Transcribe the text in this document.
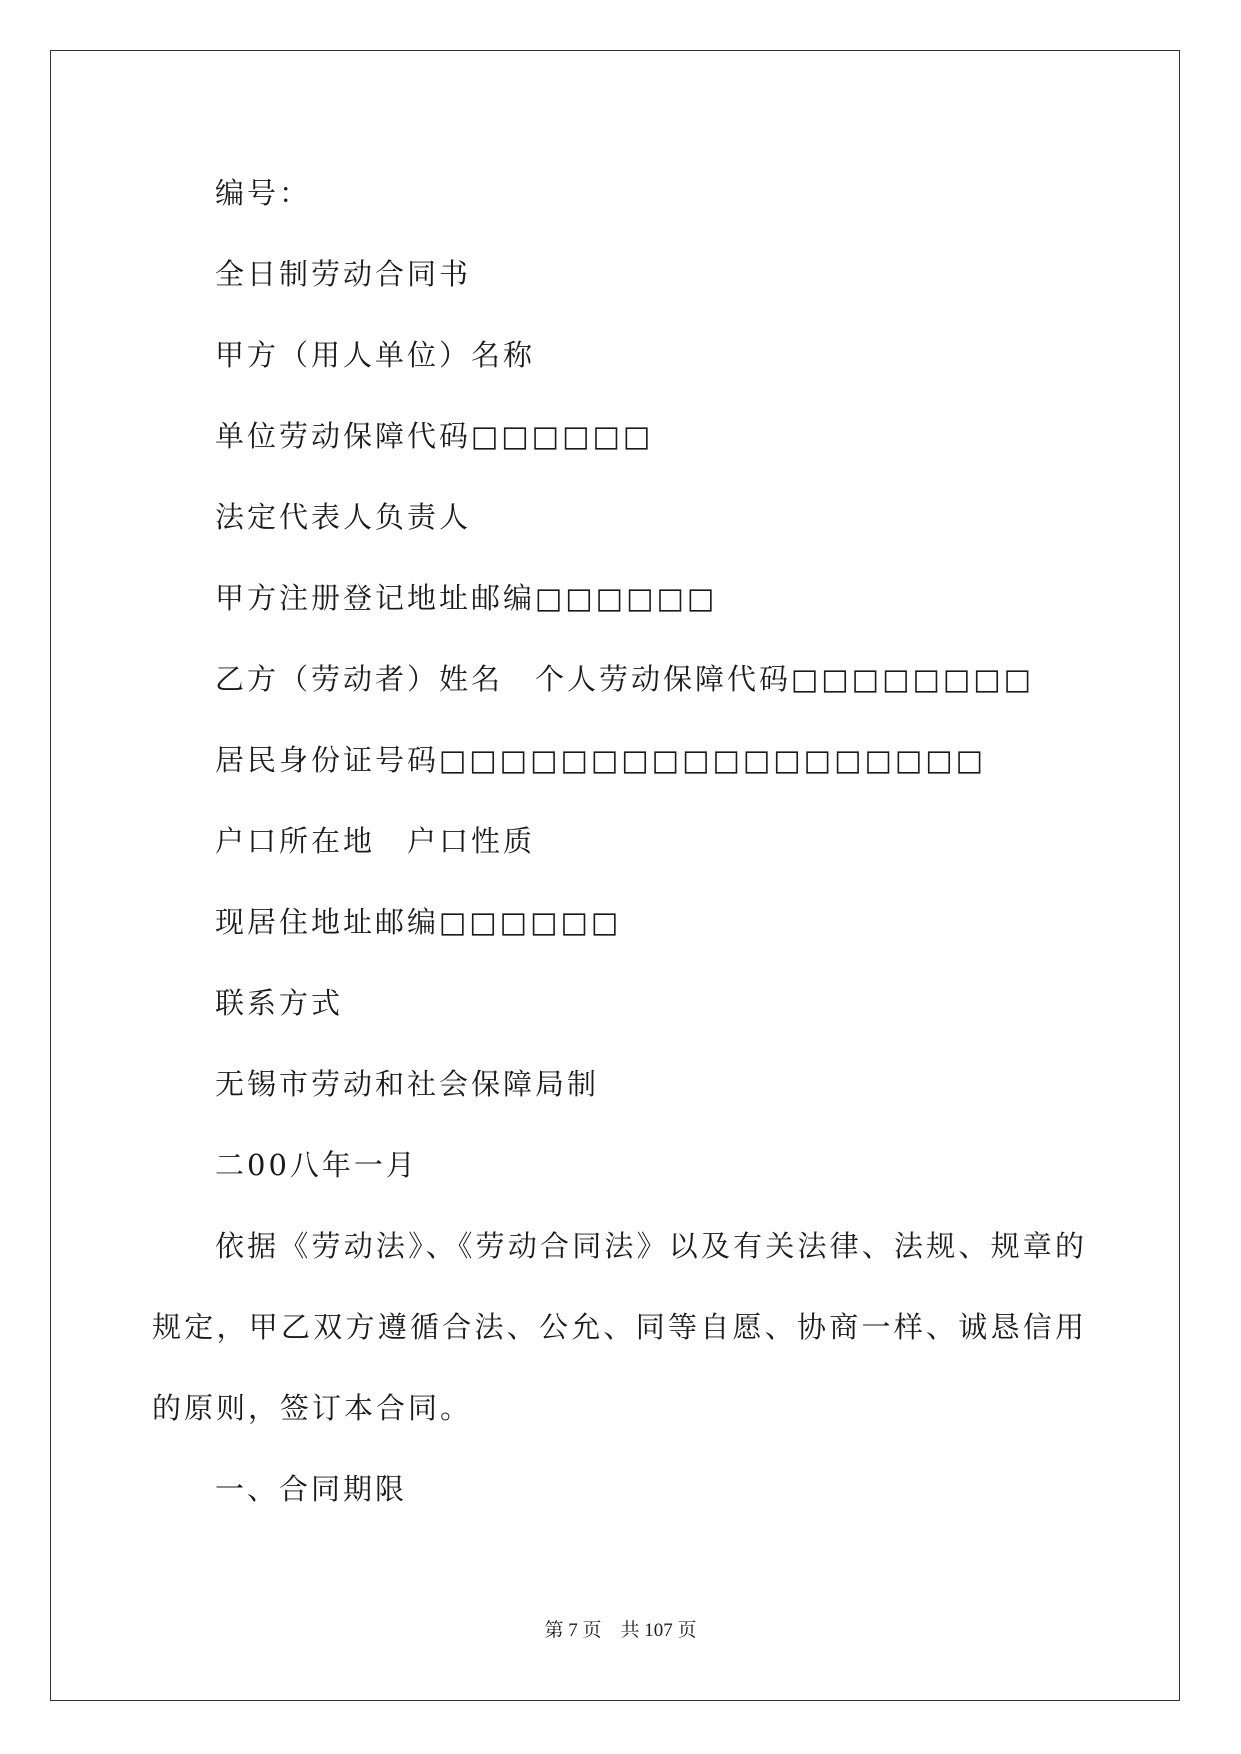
编号：
全日制劳动合同书
甲方（用人单位）名称
单位劳动保障代码□□□□□□
法定代表人负责人
甲方注册登记地址邮编□□□□□□
乙方（劳动者）姓名　个人劳动保障代码□□□□□□□□
居民身份证号码□□□□□□□□□□□□□□□□□□
户口所在地　户口性质
现居住地址邮编□□□□□□
联系方式
无锡市劳动和社会保障局制
二00八年一月
依据《劳动法》、《劳动合同法》以及有关法律、法规、规章的规定，甲乙双方遵循合法、公允、同等自愿、协商一样、诚恳信用的原则，签订本合同。
一、合同期限
第 7 页　共 107 页
